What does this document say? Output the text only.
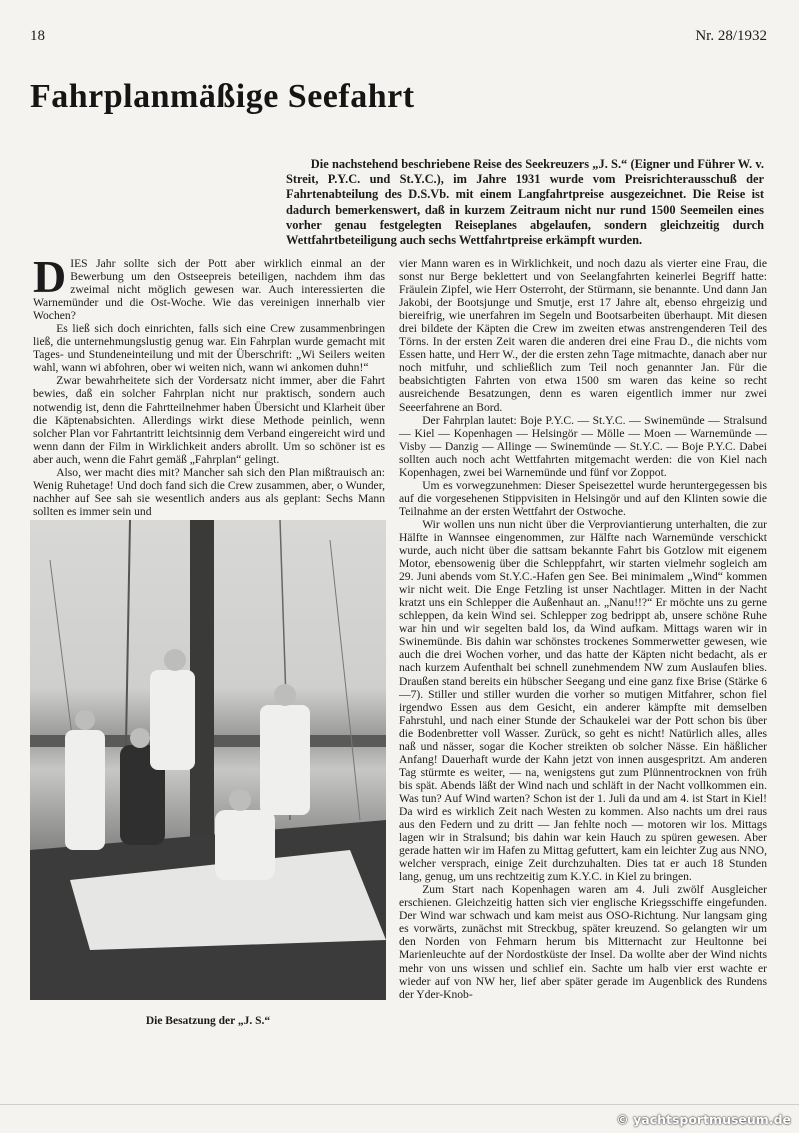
18	Nr. 28/1932
Fahrplanmäßige Seefahrt
Die nachstehend beschriebene Reise des Seekreuzers „J. S.“ (Eigner und Führer W. v. Streit, P.Y.C. und St.Y.C.), im Jahre 1931 wurde vom Preisrichterausschuß der Fahrtenabteilung des D.S.Vb. mit einem Langfahrtpreise ausgezeichnet. Die Reise ist dadurch bemerkenswert, daß in kurzem Zeitraum nicht nur rund 1500 Seemeilen eines vorher genau festgelegten Reiseplanes abgelaufen, sondern gleichzeitig durch Wettfahrtbeteiligung auch sechs Wettfahrtpreise erkämpft wurden.

DIES Jahr sollte sich der Pott aber wirklich einmal an der Bewerbung um den Ostseepreis beteiligen, nachdem ihm das zweimal nicht möglich gewesen war. Auch interessierten die Warnemünder und die Ost-Woche. Wie das vereinigen innerhalb vier Wochen?

Es ließ sich doch einrichten, falls sich eine Crew zusammenbringen ließ, die unternehmungslustig genug war. Ein Fahrplan wurde gemacht mit Tages- und Stundeneinteilung und mit der Überschrift: „Wi Seilers weiten wahl, wann wi abfohren, ober wi weiten nich, wann wi ankomen duhn!“

Zwar bewahrheitete sich der Vordersatz nicht immer, aber die Fahrt bewies, daß ein solcher Fahrplan nicht nur praktisch, sondern auch notwendig ist, denn die Fahrtteilnehmer haben Übersicht und Klarheit über die Käptenabsichten. Allerdings wirkt diese Methode peinlich, wenn solcher Plan vor Fahrtantritt leichtsinnig dem Verband eingereicht wird und wenn dann der Film in Wirklichkeit anders abrollt. Um so schöner ist es aber auch, wenn die Fahrt gemäß „Fahrplan“ gelingt.

Also, wer macht dies mit? Mancher sah sich den Plan mißtrauisch an: Wenig Ruhetage! Und doch fand sich die Crew zusammen, aber, o Wunder, nachher auf See sah sie wesentlich anders aus als geplant: Sechs Mann sollten es immer sein und

Die Besatzung der „J. S.“

vier Mann waren es in Wirklichkeit, und noch dazu als vierter eine Frau, die sonst nur Berge beklettert und von Seelangfahrten keinerlei Begriff hatte: Fräulein Zipfel, wie Herr Osterroht, der Stürmann, sie benannte. Und dann Jan Jakobi, der Bootsjunge und Smutje, erst 17 Jahre alt, ebenso ehrgeizig und biereifrig, wie unerfahren im Segeln und Bootsarbeiten überhaupt. Mit diesen drei bildete der Käpten die Crew im zweiten etwas anstrengenderen Teil des Törns. In der ersten Zeit waren die anderen drei eine Frau D., die nichts vom Essen hatte, und Herr W., der die ersten zehn Tage mitmachte, danach aber nur noch mitfuhr, und schließlich zum Teil noch genannter Jan. Für die beabsichtigten Fahrten von etwa 1500 sm waren das keine so recht ausreichende Besatzungen, denn es waren eigentlich immer nur zwei Seeerfahrene an Bord.

Der Fahrplan lautet: Boje P.Y.C. — St.Y.C. — Swinemünde — Stralsund — Kiel — Kopenhagen — Helsingör — Mölle — Moen — Warnemünde — Visby — Danzig — Allinge — Swinemünde — St.Y.C. — Boje P.Y.C. Dabei sollten auch noch acht Wettfahrten mitgemacht werden: die von Kiel nach Kopenhagen, zwei bei Warnemünde und fünf vor Zoppot.

Um es vorwegzunehmen: Dieser Speisezettel wurde heruntergegessen bis auf die vorgesehenen Stippvisiten in Helsingör und auf den Klinten sowie die Teilnahme an der ersten Wettfahrt der Ostwoche.

Wir wollen uns nun nicht über die Verproviantierung unterhalten, die zur Hälfte in Wannsee eingenommen, zur Hälfte nach Warnemünde verschickt wurde, auch nicht über die sattsam bekannte Fahrt bis Gotzlow mit eigenem Motor, ebensowenig über die Schleppfahrt, wir starten vielmehr sogleich am 29. Juni abends vom St.Y.C.-Hafen gen See. Bei minimalem „Wind“ kommen wir nicht weit. Die Enge Fetzling ist unser Nachtlager. Mitten in der Nacht kratzt uns ein Schlepper die Außenhaut an. „Nanu!!?“ Er möchte uns zu gerne schleppen, da kein Wind sei. Schlepper zog bedrippt ab, unsere schöne Ruhe war hin und wir segelten bald los, da Wind aufkam. Mittags waren wir in Swinemünde. Bis dahin war schönstes trockenes Sommerwetter gewesen, wie auch die drei Wochen vorher, und das hatte der Käpten nicht bedacht, als er nach kurzem Aufenthalt bei schnell zunehmendem NW zum Auslaufen blies. Draußen stand bereits ein hübscher Seegang und eine ganz fixe Brise (Stärke 6—7). Stiller und stiller wurden die vorher so mutigen Mitfahrer, schon fiel irgendwo Essen aus dem Gesicht, ein anderer kämpfte mit demselben Fahrstuhl, und nach einer Stunde der Schaukelei war der Pott schon bis über die Bodenbretter voll Wasser. Zurück, so geht es nicht! Natürlich alles, alles naß und nässer, sogar die Kocher streikten ob solcher Nässe. Ein häßlicher Anfang! Dauerhaft wurde der Kahn jetzt von innen ausgespritzt. Am anderen Tag stürmte es weiter, — na, wenigstens gut zum Plünnentrocknen von früh bis spät. Abends läßt der Wind nach und schläft in der Nacht vollkommen ein. Was tun? Auf Wind warten? Schon ist der 1. Juli da und am 4. ist Start in Kiel! Da wird es wirklich Zeit nach Westen zu kommen. Also nachts um drei raus aus den Federn und zu dritt — Jan fehlte noch — motoren wir los. Mittags lagen wir in Stralsund; bis dahin war kein Hauch zu spüren gewesen. Aber gerade hatten wir im Hafen zu Mittag gefuttert, kam ein leichter Zug aus NNO, welcher versprach, einige Zeit durchzuhalten. Dies tat er auch 18 Stunden lang, genug, um uns rechtzeitig zum K.Y.C. in Kiel zu bringen.

Zum Start nach Kopenhagen waren am 4. Juli zwölf Ausgleicher erschienen. Gleichzeitig hatten sich vier englische Kriegsschiffe eingefunden. Der Wind war schwach und kam meist aus OSO-Richtung. Nur langsam ging es vorwärts, zunächst mit Streckbug, später kreuzend. So gelangten wir um den Norden von Fehmarn herum bis Mitternacht zur Heultonne bei Marienleuchte auf der Nordostküste der Insel. Da wollte aber der Wind nichts mehr von uns wissen und schlief ein. Sachte um halb vier erst wachte er wieder auf von NW her, lief aber später gerade im Augenblick des Rundens der Yder-Knob-

© yachtsportmuseum.de
